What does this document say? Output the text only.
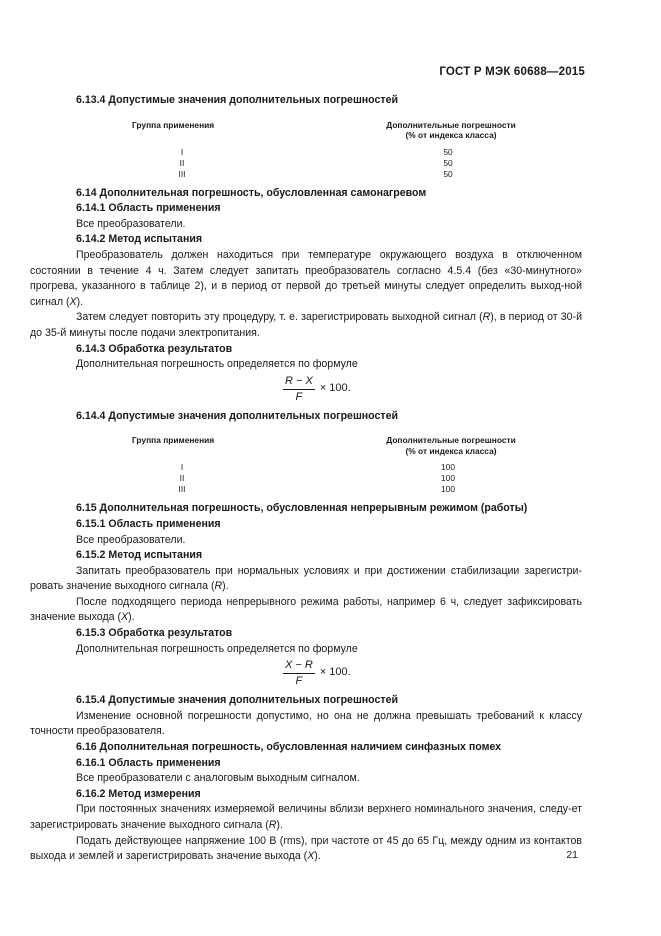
ГОСТ Р МЭК 60688—2015

6.13.4 Допустимые значения дополнительных погрешностей

Группа применения	Дополнительные погрешности
(% от индекса класса)
I	50
II	50
III	50

6.14 Дополнительная погрешность, обусловленная самонагревом

6.14.1 Область применения

Все преобразователи.

6.14.2 Метод испытания

Преобразователь должен находиться при температуре окружающего воздуха в отключенном состоянии в течение 4 ч. Затем следует запитать преобразователь согласно 4.5.4 (без «30-минутного» прогрева, указанного в таблице 2), и в период от первой до третьей минуты следует определить выход-ной сигнал (X).

Затем следует повторить эту процедуру, т. е. зарегистрировать выходной сигнал (R), в период от 30-й до 35-й минуты после подачи электропитания.

6.14.3 Обработка результатов

Дополнительная погрешность определяется по формуле

R − X
F
× 100.

6.14.4 Допустимые значения дополнительных погрешностей

Группа применения	Дополнительные погрешности
(% от индекса класса)
I	100
II	100
III	100

6.15 Дополнительная погрешность, обусловленная непрерывным режимом (работы)

6.15.1 Область применения

Все преобразователи.

6.15.2 Метод испытания

Запитать преобразователь при нормальных условиях и при достижении стабилизации зарегистри-ровать значение выходного сигнала (R).

После подходящего периода непрерывного режима работы, например 6 ч, следует зафиксировать значение выхода (X).

6.15.3 Обработка результатов

Дополнительная погрешность определяется по формуле

X − R
F
× 100.

6.15.4 Допустимые значения дополнительных погрешностей

Изменение основной погрешности допустимо, но она не должна превышать требований к классу точности преобразователя.

6.16 Дополнительная погрешность, обусловленная наличием синфазных помех

6.16.1 Область применения

Все преобразователи с аналоговым выходным сигналом.

6.16.2 Метод измерения

При постоянных значениях измеряемой величины вблизи верхнего номинального значения, следу-ет зарегистрировать значение выходного сигнала (R).

Подать действующее напряжение 100 В (rms), при частоте от 45 до 65 Гц, между одним из контактов выхода и землей и зарегистрировать значение выхода (X).	21
